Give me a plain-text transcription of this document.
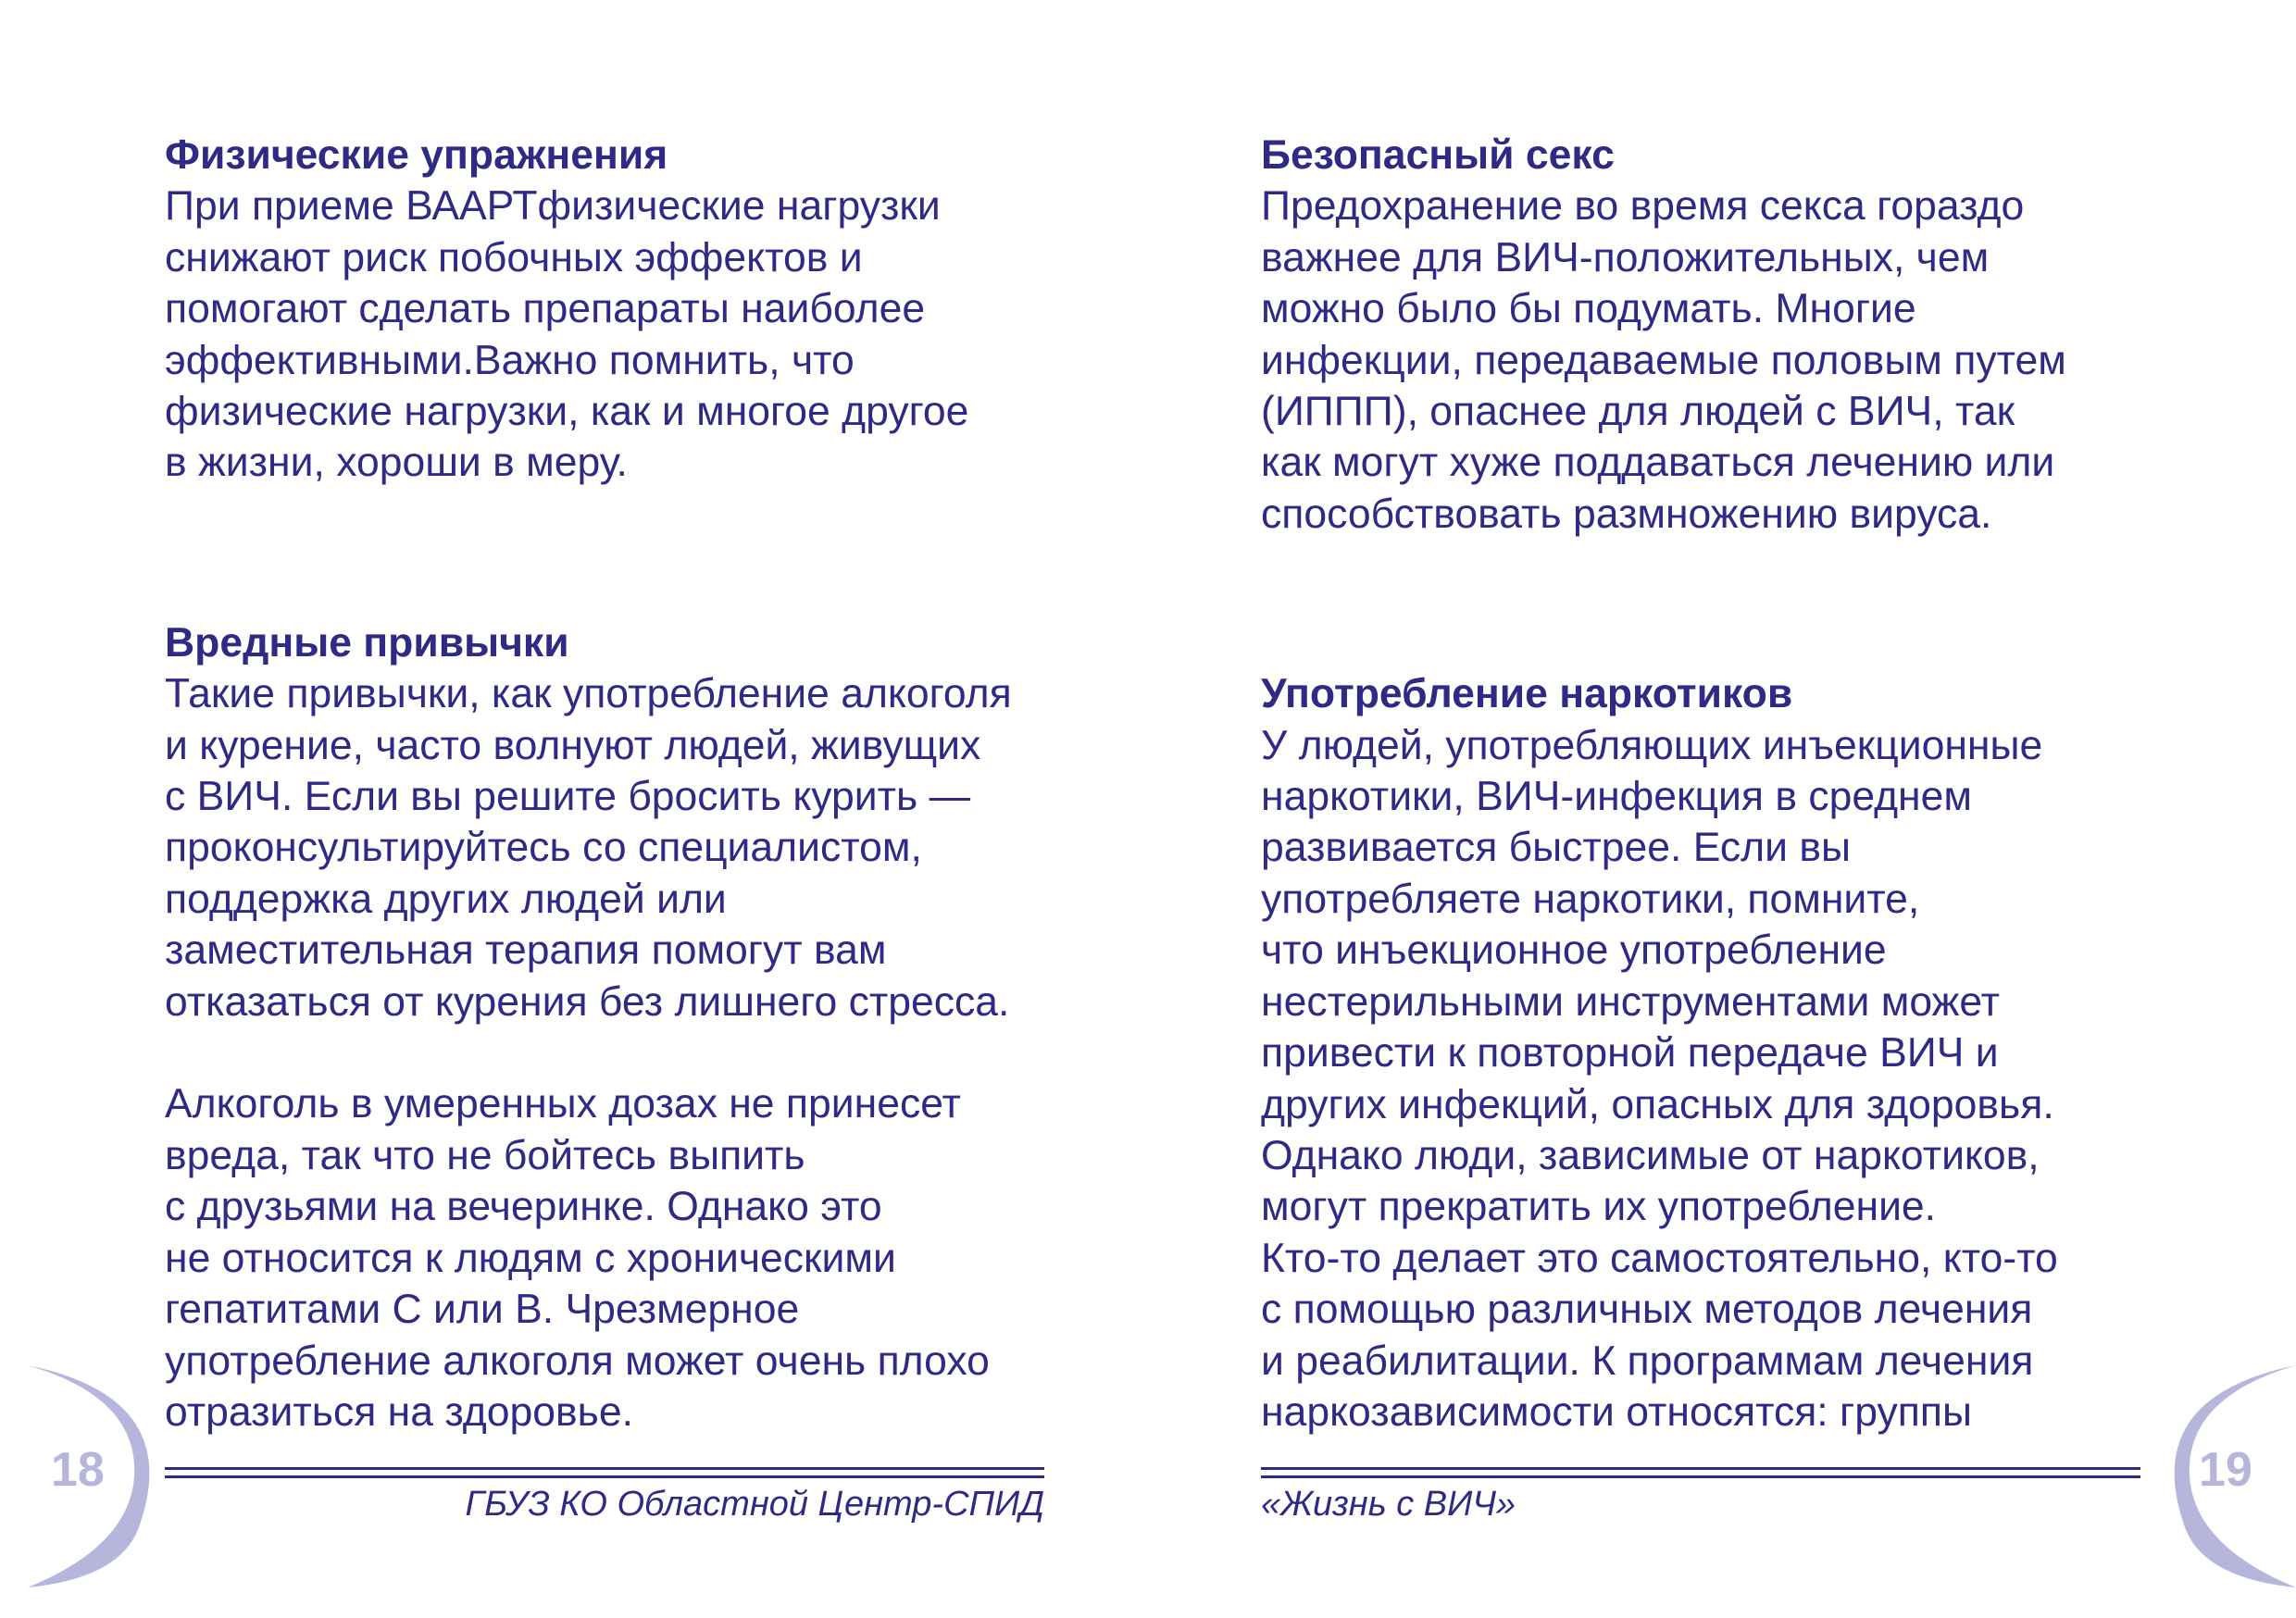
Физические упражнения
При приеме ВААРТфизические нагрузки
снижают риск побочных эффектов и
помогают сделать препараты наиболее
эффективными.Важно помнить, что
физические нагрузки, как и многое другое
в жизни, хороши в меру.
Вредные привычки
Такие привычки, как употребление алкоголя
и курение, часто волнуют людей, живущих
с ВИЧ. Если вы решите бросить курить —
проконсультируйтесь со специалистом,
поддержка других людей или
заместительная терапия помогут вам
отказаться от курения без лишнего стресса.
Алкоголь в умеренных дозах не принесет
вреда, так что не бойтесь выпить
с друзьями на вечеринке. Однако это
не относится к людям с хроническими
гепатитами С или В. Чрезмерное
употребление алкоголя может очень плохо
отразиться на здоровье.
Безопасный секс
Предохранение во время секса гораздо
важнее для ВИЧ-положительных, чем
можно было бы подумать. Многие
инфекции, передаваемые половым путем
(ИППП), опаснее для людей с ВИЧ, так
как могут хуже поддаваться лечению или
способствовать размножению вируса.
Употребление наркотиков
У людей, употребляющих инъекционные
наркотики, ВИЧ-инфекция в среднем
развивается быстрее. Если вы
употребляете наркотики, помните,
что инъекционное употребление
нестерильными инструментами может
привести к повторной передаче ВИЧ и
других инфекций, опасных для здоровья.
Однако люди, зависимые от наркотиков,
могут прекратить их употребление.
Кто-то делает это самостоятельно, кто-то
с помощью различных методов лечения
и реабилитации. К программам лечения
наркозависимости относятся: группы
18	19
ГБУЗ КО Областной Центр-СПИД	«Жизнь с ВИЧ»
